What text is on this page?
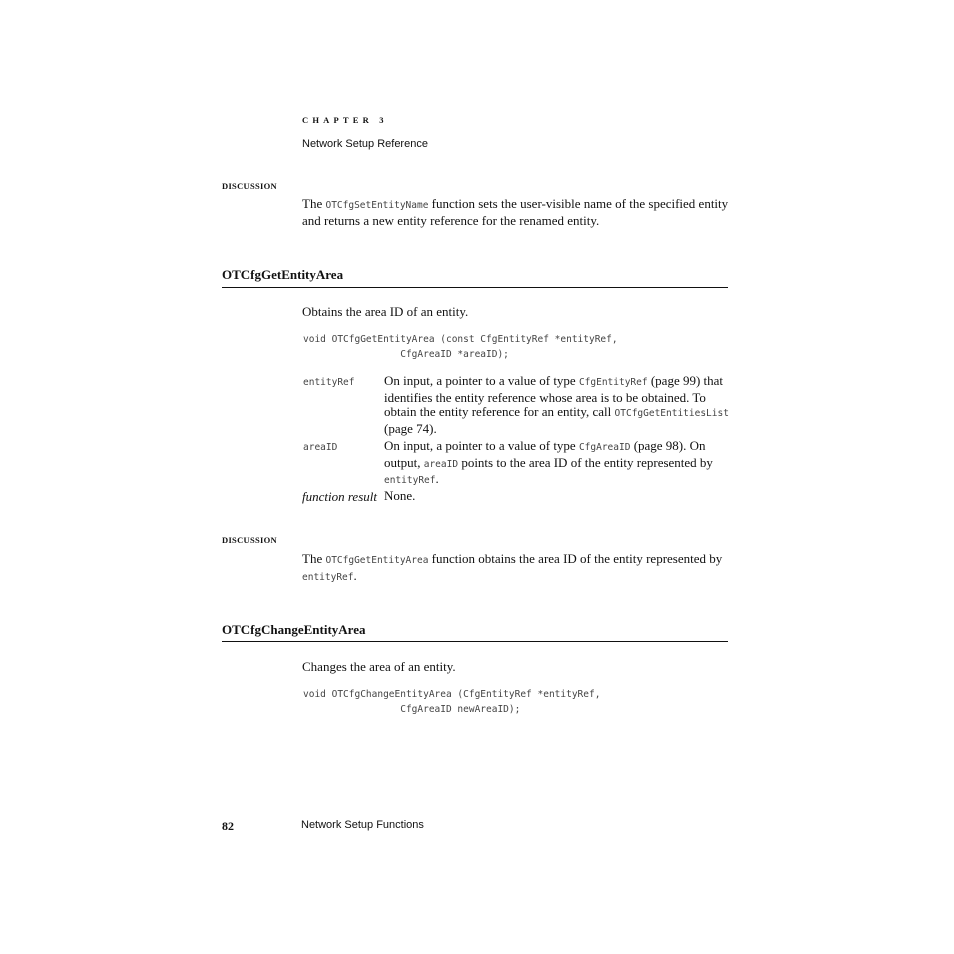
CHAPTER 3
Network Setup Reference
DISCUSSION
The OTCfgSetEntityName function sets the user-visible name of the specified entity and returns a new entity reference for the renamed entity.
OTCfgGetEntityArea
Obtains the area ID of an entity.
void OTCfgGetEntityArea (const CfgEntityRef *entityRef,
CfgAreaID *areaID);
entityRef On input, a pointer to a value of type CfgEntityRef (page 99) that identifies the entity reference whose area is to be obtained. To obtain the entity reference for an entity, call OTCfgGetEntitiesList (page 74).
areaID	On input, a pointer to a value of type CfgAreaID (page 98). On output, areaID points to the area ID of the entity represented by entityRef.
function result None.
DISCUSSION
The OTCfgGetEntityArea function obtains the area ID of the entity represented by entityRef.
OTCfgChangeEntityArea
Changes the area of an entity.
void OTCfgChangeEntityArea (CfgEntityRef *entityRef,
CfgAreaID newAreaID);
82	Network Setup Functions
